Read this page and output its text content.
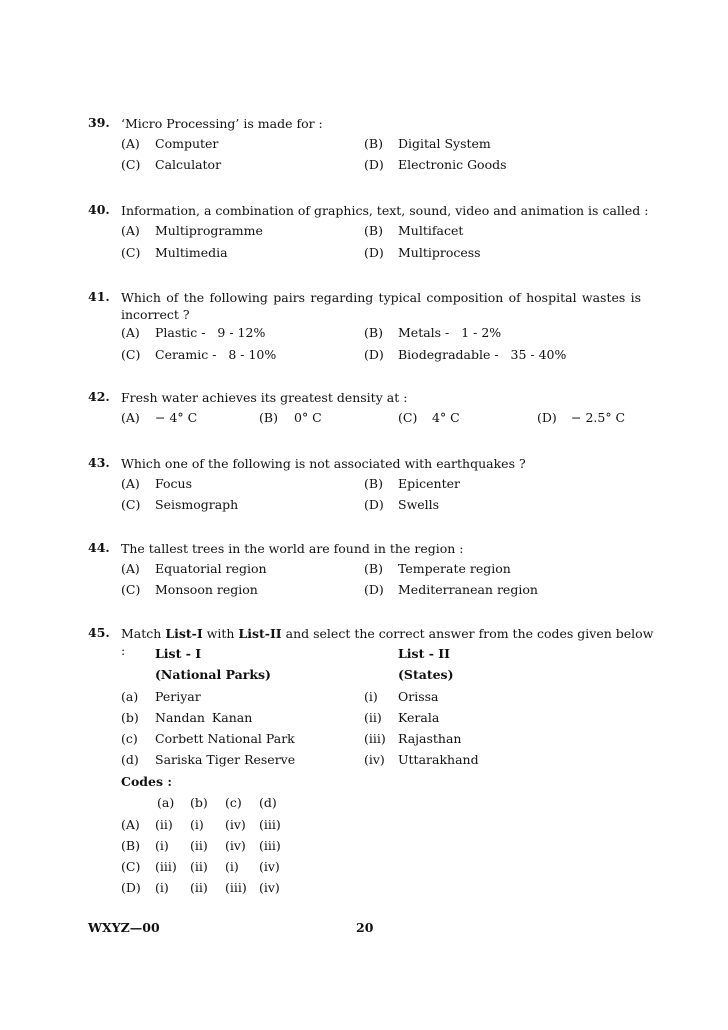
39. ‘Micro Processing’ is made for :
(A) Computer	(B) Digital System
(C) Calculator	(D) Electronic Goods
40. Information, a combination of graphics, text, sound, video and animation is called :
(A) Multiprogramme	(B) Multifacet
(C) Multimedia	(D) Multiprocess
41. Which of the following pairs regarding typical composition of hospital wastes is incorrect ?
(A) Plastic -   9 - 12%	(B) Metals -   1 - 2%
(C) Ceramic -   8 - 10%	(D) Biodegradable -   35 - 40%
42. Fresh water achieves its greatest density at :
(A) − 4° C	(B) 0° C	(C) 4° C	(D) − 2.5° C
43. Which one of the following is not associated with earthquakes ?
(A) Focus	(B) Epicenter
(C) Seismograph	(D) Swells
44. The tallest trees in the world are found in the region :
(A) Equatorial region	(B) Temperate region
(C) Monsoon region	(D) Mediterranean region
45. Match List-I with List-II and select the correct answer from the codes given below :	List - I	List - II
(National Parks)	(States)
(a) Periyar	(i) Orissa
(b) Nandan Kanan	(ii) Kerala
(c) Corbett National Park	(iii) Rajasthan
(d) Sariska Tiger Reserve	(iv) Uttarakhand
Codes :
(a) (b) (c) (d)
(A) (ii) (i) (iv) (iii)
(B) (i) (ii) (iv) (iii)
(C) (iii) (ii) (i) (iv)
(D) (i) (ii) (iii) (iv)
WXYZ—00	20
